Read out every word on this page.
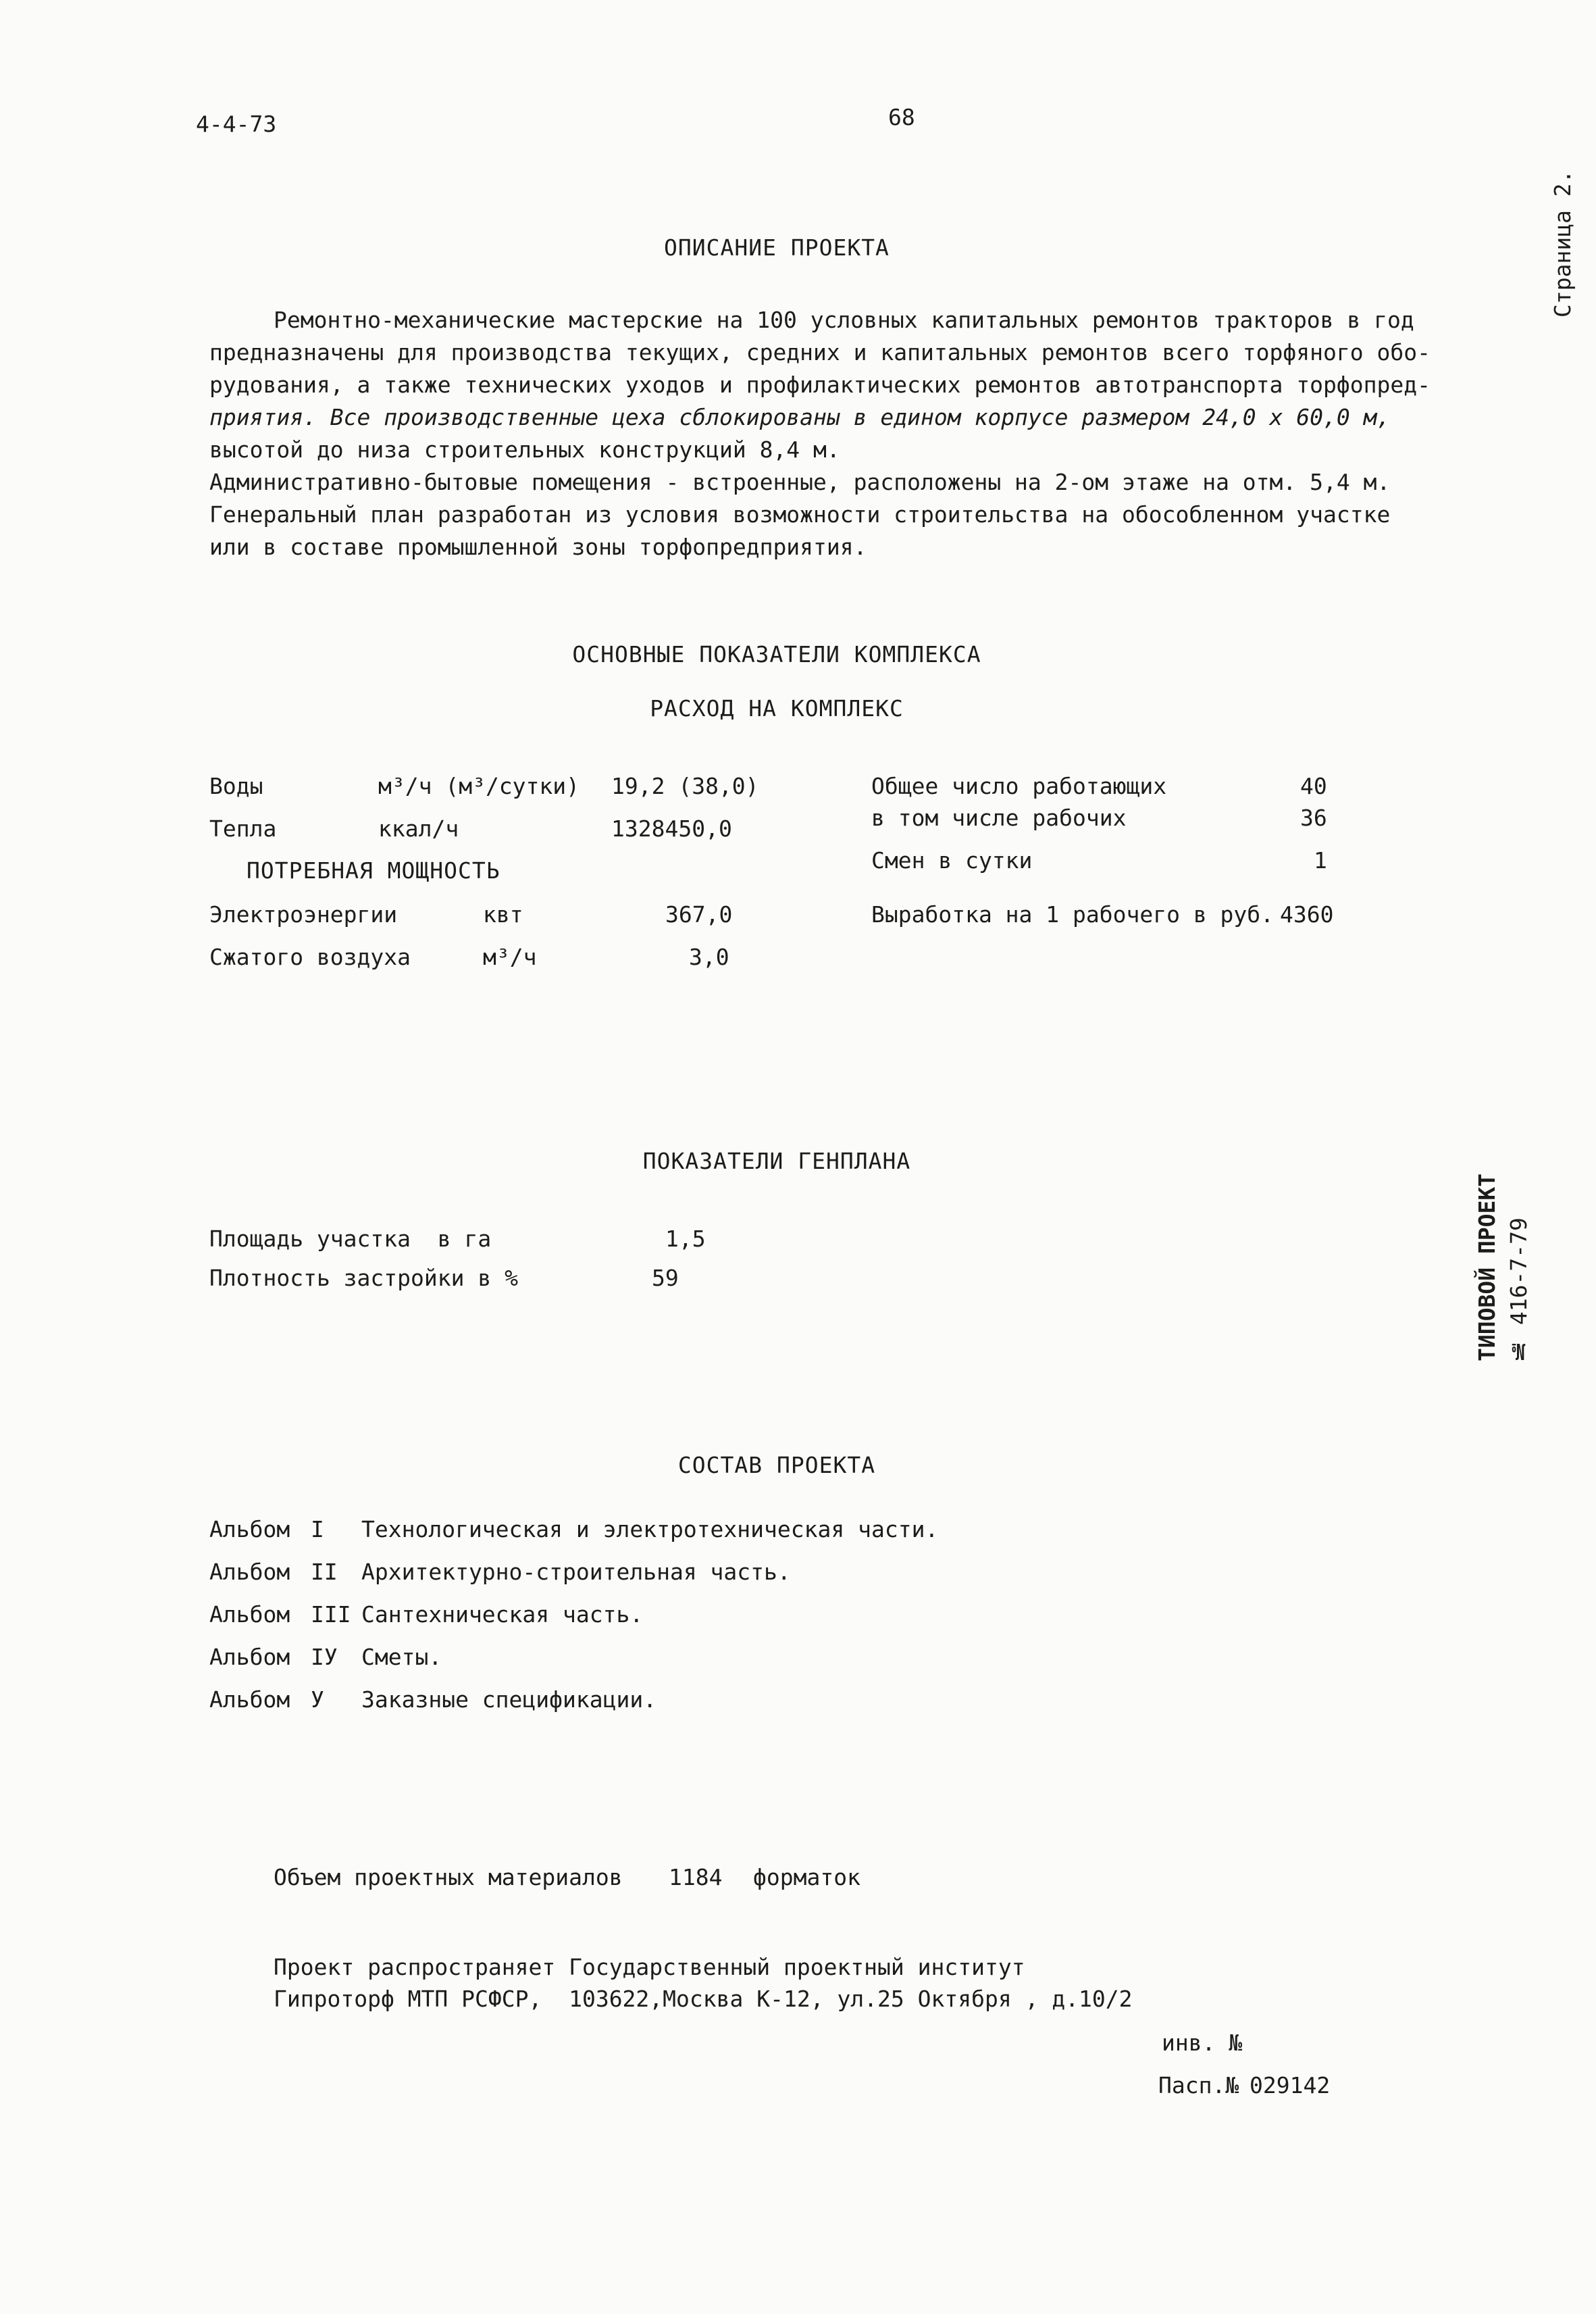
4-4-73	68
Страница 2.
ТИПОВОЙ ПРОЕКТ № 416-7-79
ОПИСАНИЕ ПРОЕКТА
Ремонтно-механические мастерские на 100 условных капитальных ремонтов тракторов в год
предназначены для производства текущих, средних и капитальных ремонтов всего торфяного обо-
рудования, а также технических уходов и профилактических ремонтов автотранспорта торфопред-
приятия. Все производственные цеха сблокированы в едином корпусе размером 24,0 х 60,0 м,
высотой до низа строительных конструкций 8,4 м.
Административно-бытовые помещения - встроенные, расположены на 2-ом этаже на отм. 5,4 м.
Генеральный план разработан из условия возможности строительства на обособленном участке
или в составе промышленной зоны торфопредприятия.
ОСНОВНЫЕ ПОКАЗАТЕЛИ КОМПЛЕКСА
РАСХОД НА КОМПЛЕКС
Воды	м³/ч (м³/сутки) 19,2 (38,0)
Тепла	ккал/ч	1328450,0
ПОТРЕБНАЯ МОЩНОСТЬ
Электроэнергии	квт	367,0
Сжатого воздуха	м³/ч	3,0
Общее число работающих	40
в том числе рабочих	36
Смен в сутки	1
Выработка на 1 рабочего в руб. 4360
ПОКАЗАТЕЛИ ГЕНПЛАНА
Площадь участка  в га	1,5
Плотность застройки в %	59
СОСТАВ ПРОЕКТА
Альбом I Технологическая и электротехническая части.
Альбом II Архитектурно-строительная часть.
Альбом III Сантехническая часть.
Альбом IУ Сметы.
Альбом У Заказные спецификации.
Объем проектных материалов 1184 форматок
Проект распространяет Государственный проектный институт
Гипроторф МТП РСФСР,  103622,Москва К-12, ул.25 Октября , д.10/2
инв. №
Пасп.№ 029142
